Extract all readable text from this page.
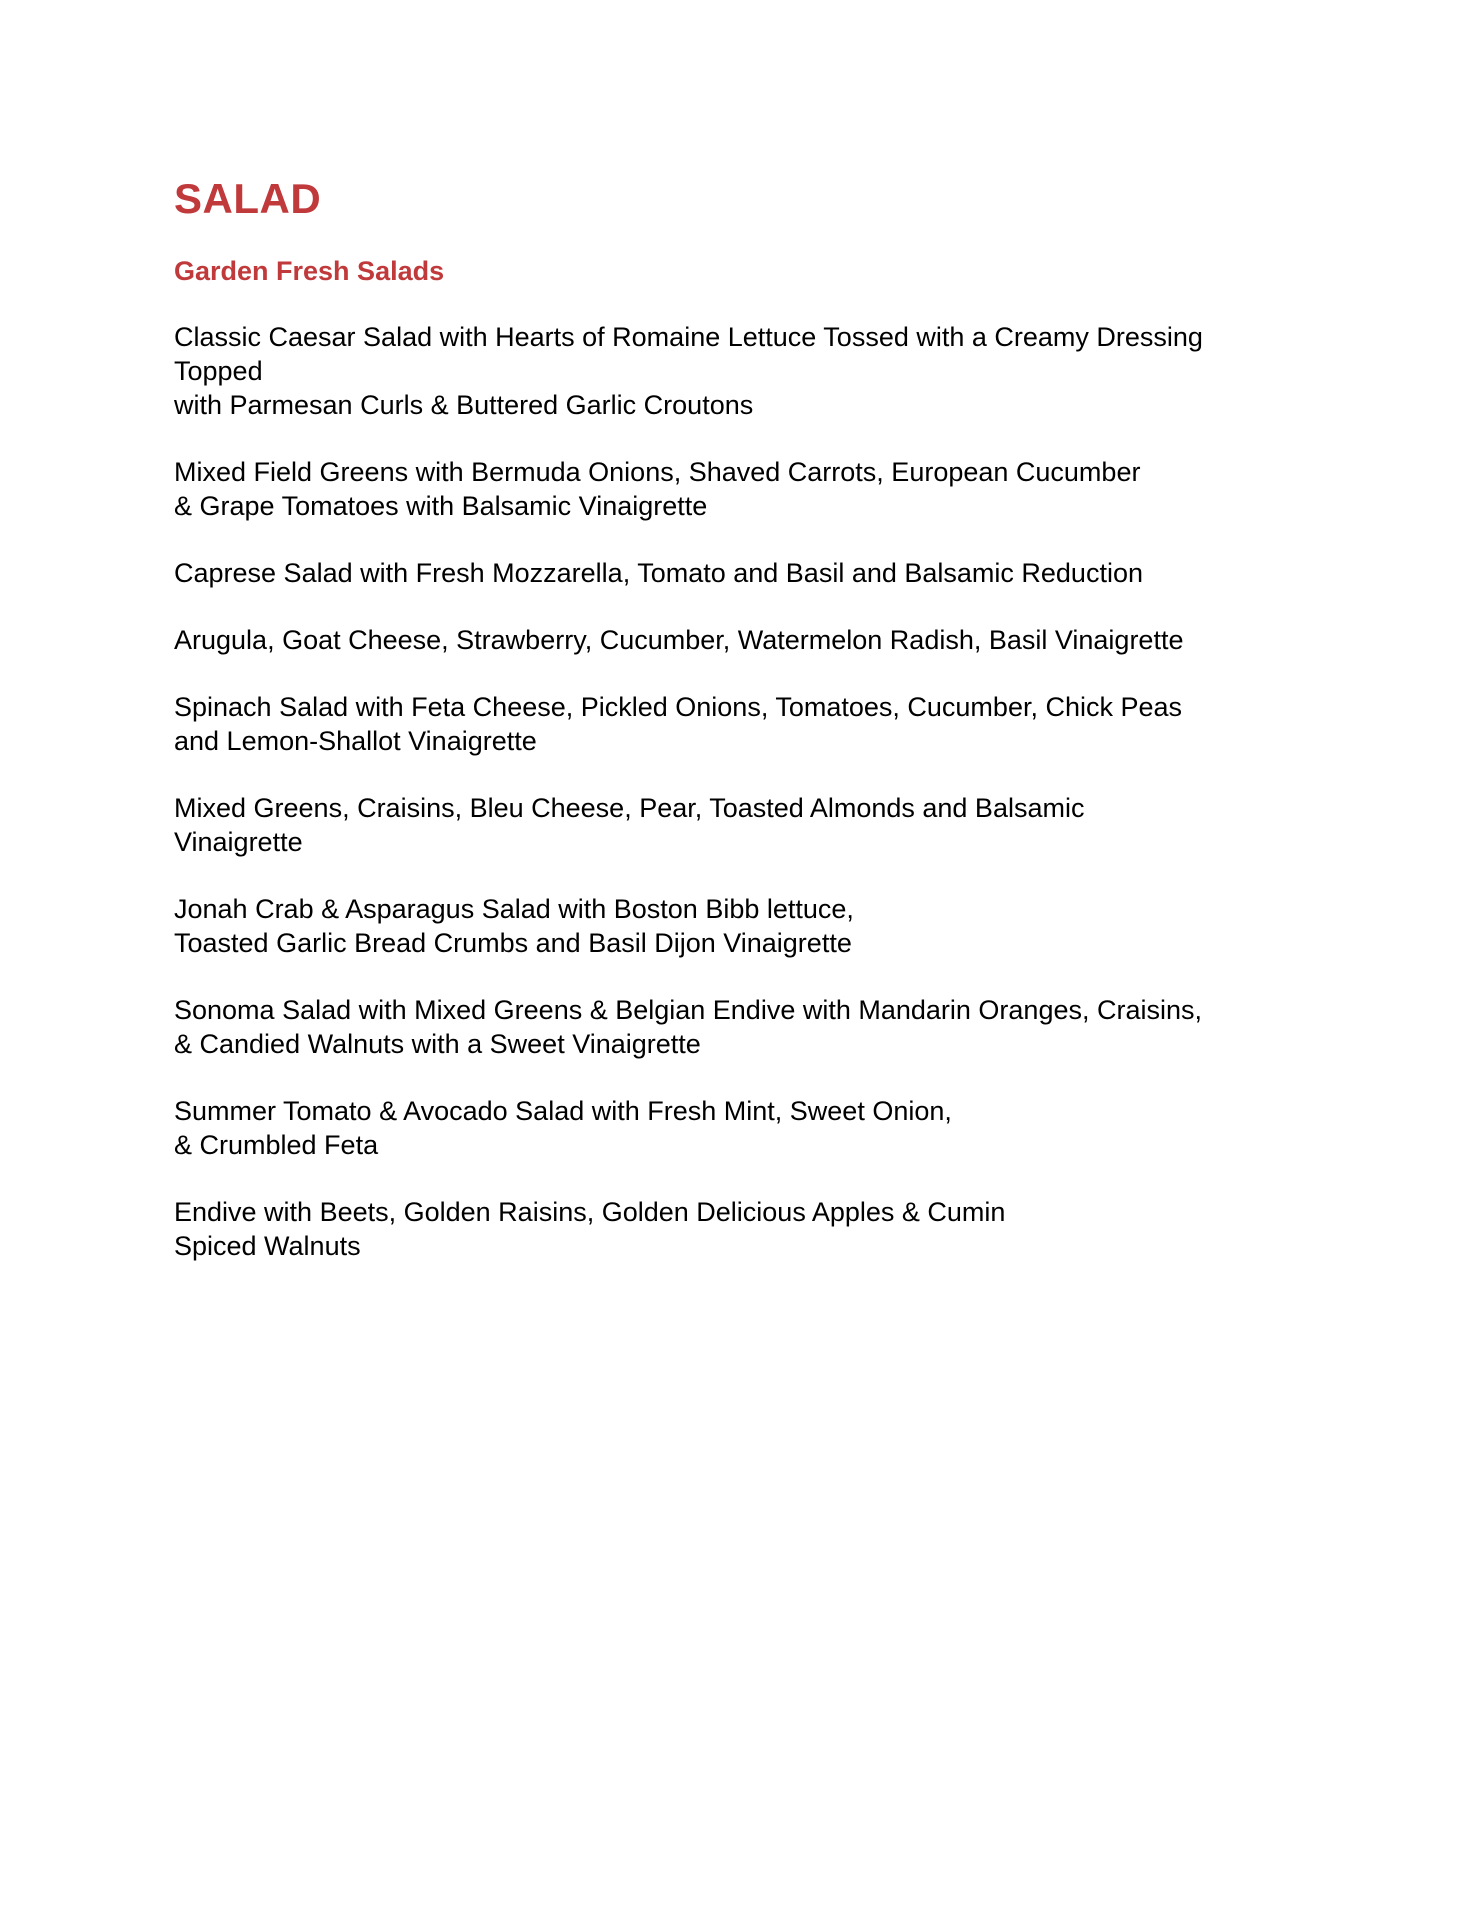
SALAD
Garden Fresh Salads

Classic Caesar Salad with Hearts of Romaine Lettuce Tossed with a Creamy Dressing
Topped
with Parmesan Curls & Buttered Garlic Croutons

Mixed Field Greens with Bermuda Onions, Shaved Carrots, European Cucumber
& Grape Tomatoes with Balsamic Vinaigrette

Caprese Salad with Fresh Mozzarella, Tomato and Basil and Balsamic Reduction

Arugula, Goat Cheese, Strawberry, Cucumber, Watermelon Radish, Basil Vinaigrette

Spinach Salad with Feta Cheese, Pickled Onions, Tomatoes, Cucumber, Chick Peas
and Lemon-Shallot Vinaigrette

Mixed Greens, Craisins, Bleu Cheese, Pear, Toasted Almonds and Balsamic
Vinaigrette

Jonah Crab & Asparagus Salad with Boston Bibb lettuce,
Toasted Garlic Bread Crumbs and Basil Dijon Vinaigrette

Sonoma Salad with Mixed Greens & Belgian Endive with Mandarin Oranges, Craisins,
& Candied Walnuts with a Sweet Vinaigrette

Summer Tomato & Avocado Salad with Fresh Mint, Sweet Onion,
& Crumbled Feta

Endive with Beets, Golden Raisins, Golden Delicious Apples & Cumin
Spiced Walnuts
